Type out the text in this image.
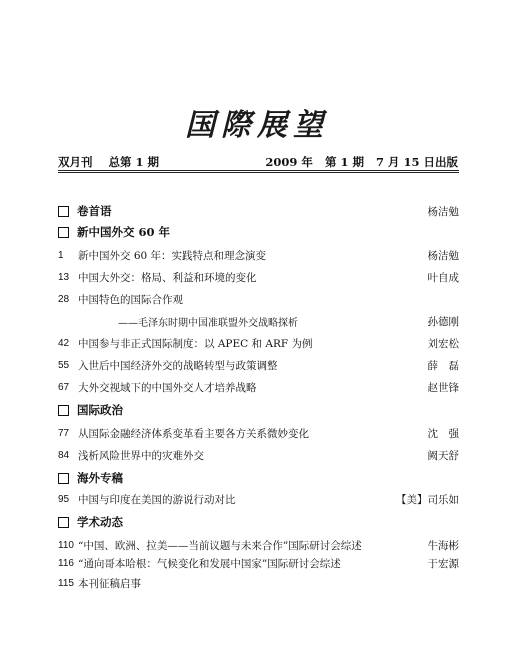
国際展望
双月刊 总第 1 期	2009 年 第 1 期 7 月 15 日出版
卷首语	杨洁勉
新中国外交 60 年
1	新中国外交 60 年：实践特点和理念演变	杨洁勉
13 中国大外交：格局、利益和环境的变化	叶自成
28 中国特色的国际合作观
——毛泽东时期中国准联盟外交战略探析	孙德刚
42 中国参与非正式国际制度：以 APEC 和 ARF 为例	刘宏松
55 入世后中国经济外交的战略转型与政策调整	薛　磊
67 大外交视域下的中国外交人才培养战略	赵世锋
国际政治
77 从国际金融经济体系变革看主要各方关系微妙变化	沈　强
84 浅析风险世界中的灾难外交	阙天舒
海外专稿
95 中国与印度在美国的游说行动对比	【美】司乐如
学术动态
110 “中国、欧洲、拉美——当前议题与未来合作”国际研讨会综述	牛海彬
116 “通向哥本哈根：气候变化和发展中国家”国际研讨会综述	于宏源
115 本刊征稿启事
